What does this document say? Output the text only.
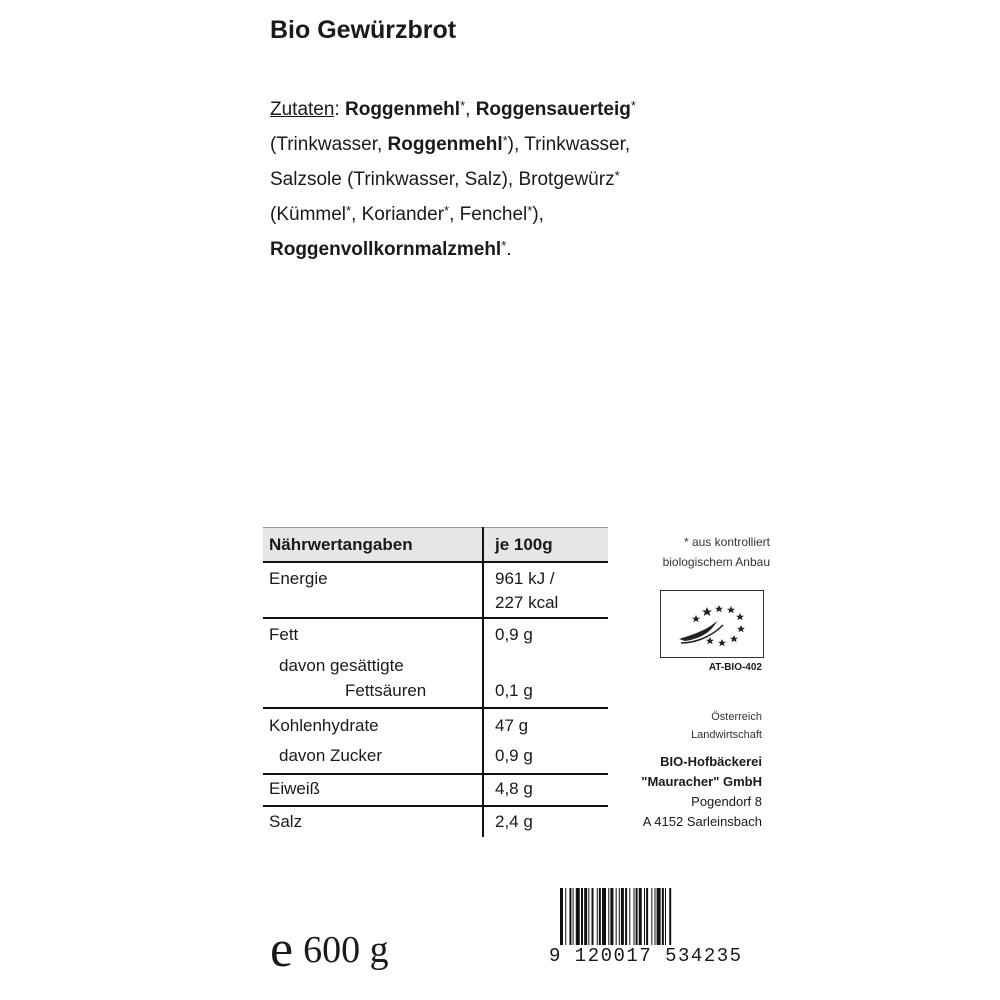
Bio Gewürzbrot
Zutaten: Roggenmehl*, Roggensauerteig*
(Trinkwasser, Roggenmehl*), Trinkwasser,
Salzsole (Trinkwasser, Salz), Brotgewürz*
(Kümmel*, Koriander*, Fenchel*),
Roggenvollkornmalzmehl*.
Nährwertangaben	je 100g
Energie	961 kJ /
227 kcal
Fett	0,9 g
davon gesättigte
Fettsäuren	0,1 g
Kohlenhydrate	47 g
davon Zucker	0,9 g
Eiweiß	4,8 g
Salz	2,4 g
* aus kontrolliert
biologischem Anbau
AT-BIO-402
Österreich
Landwirtschaft
BIO-Hofbäckerei
"Mauracher" GmbH
Pogendorf 8
A 4152 Sarleinsbach
e 600 g	9 120017 534235
